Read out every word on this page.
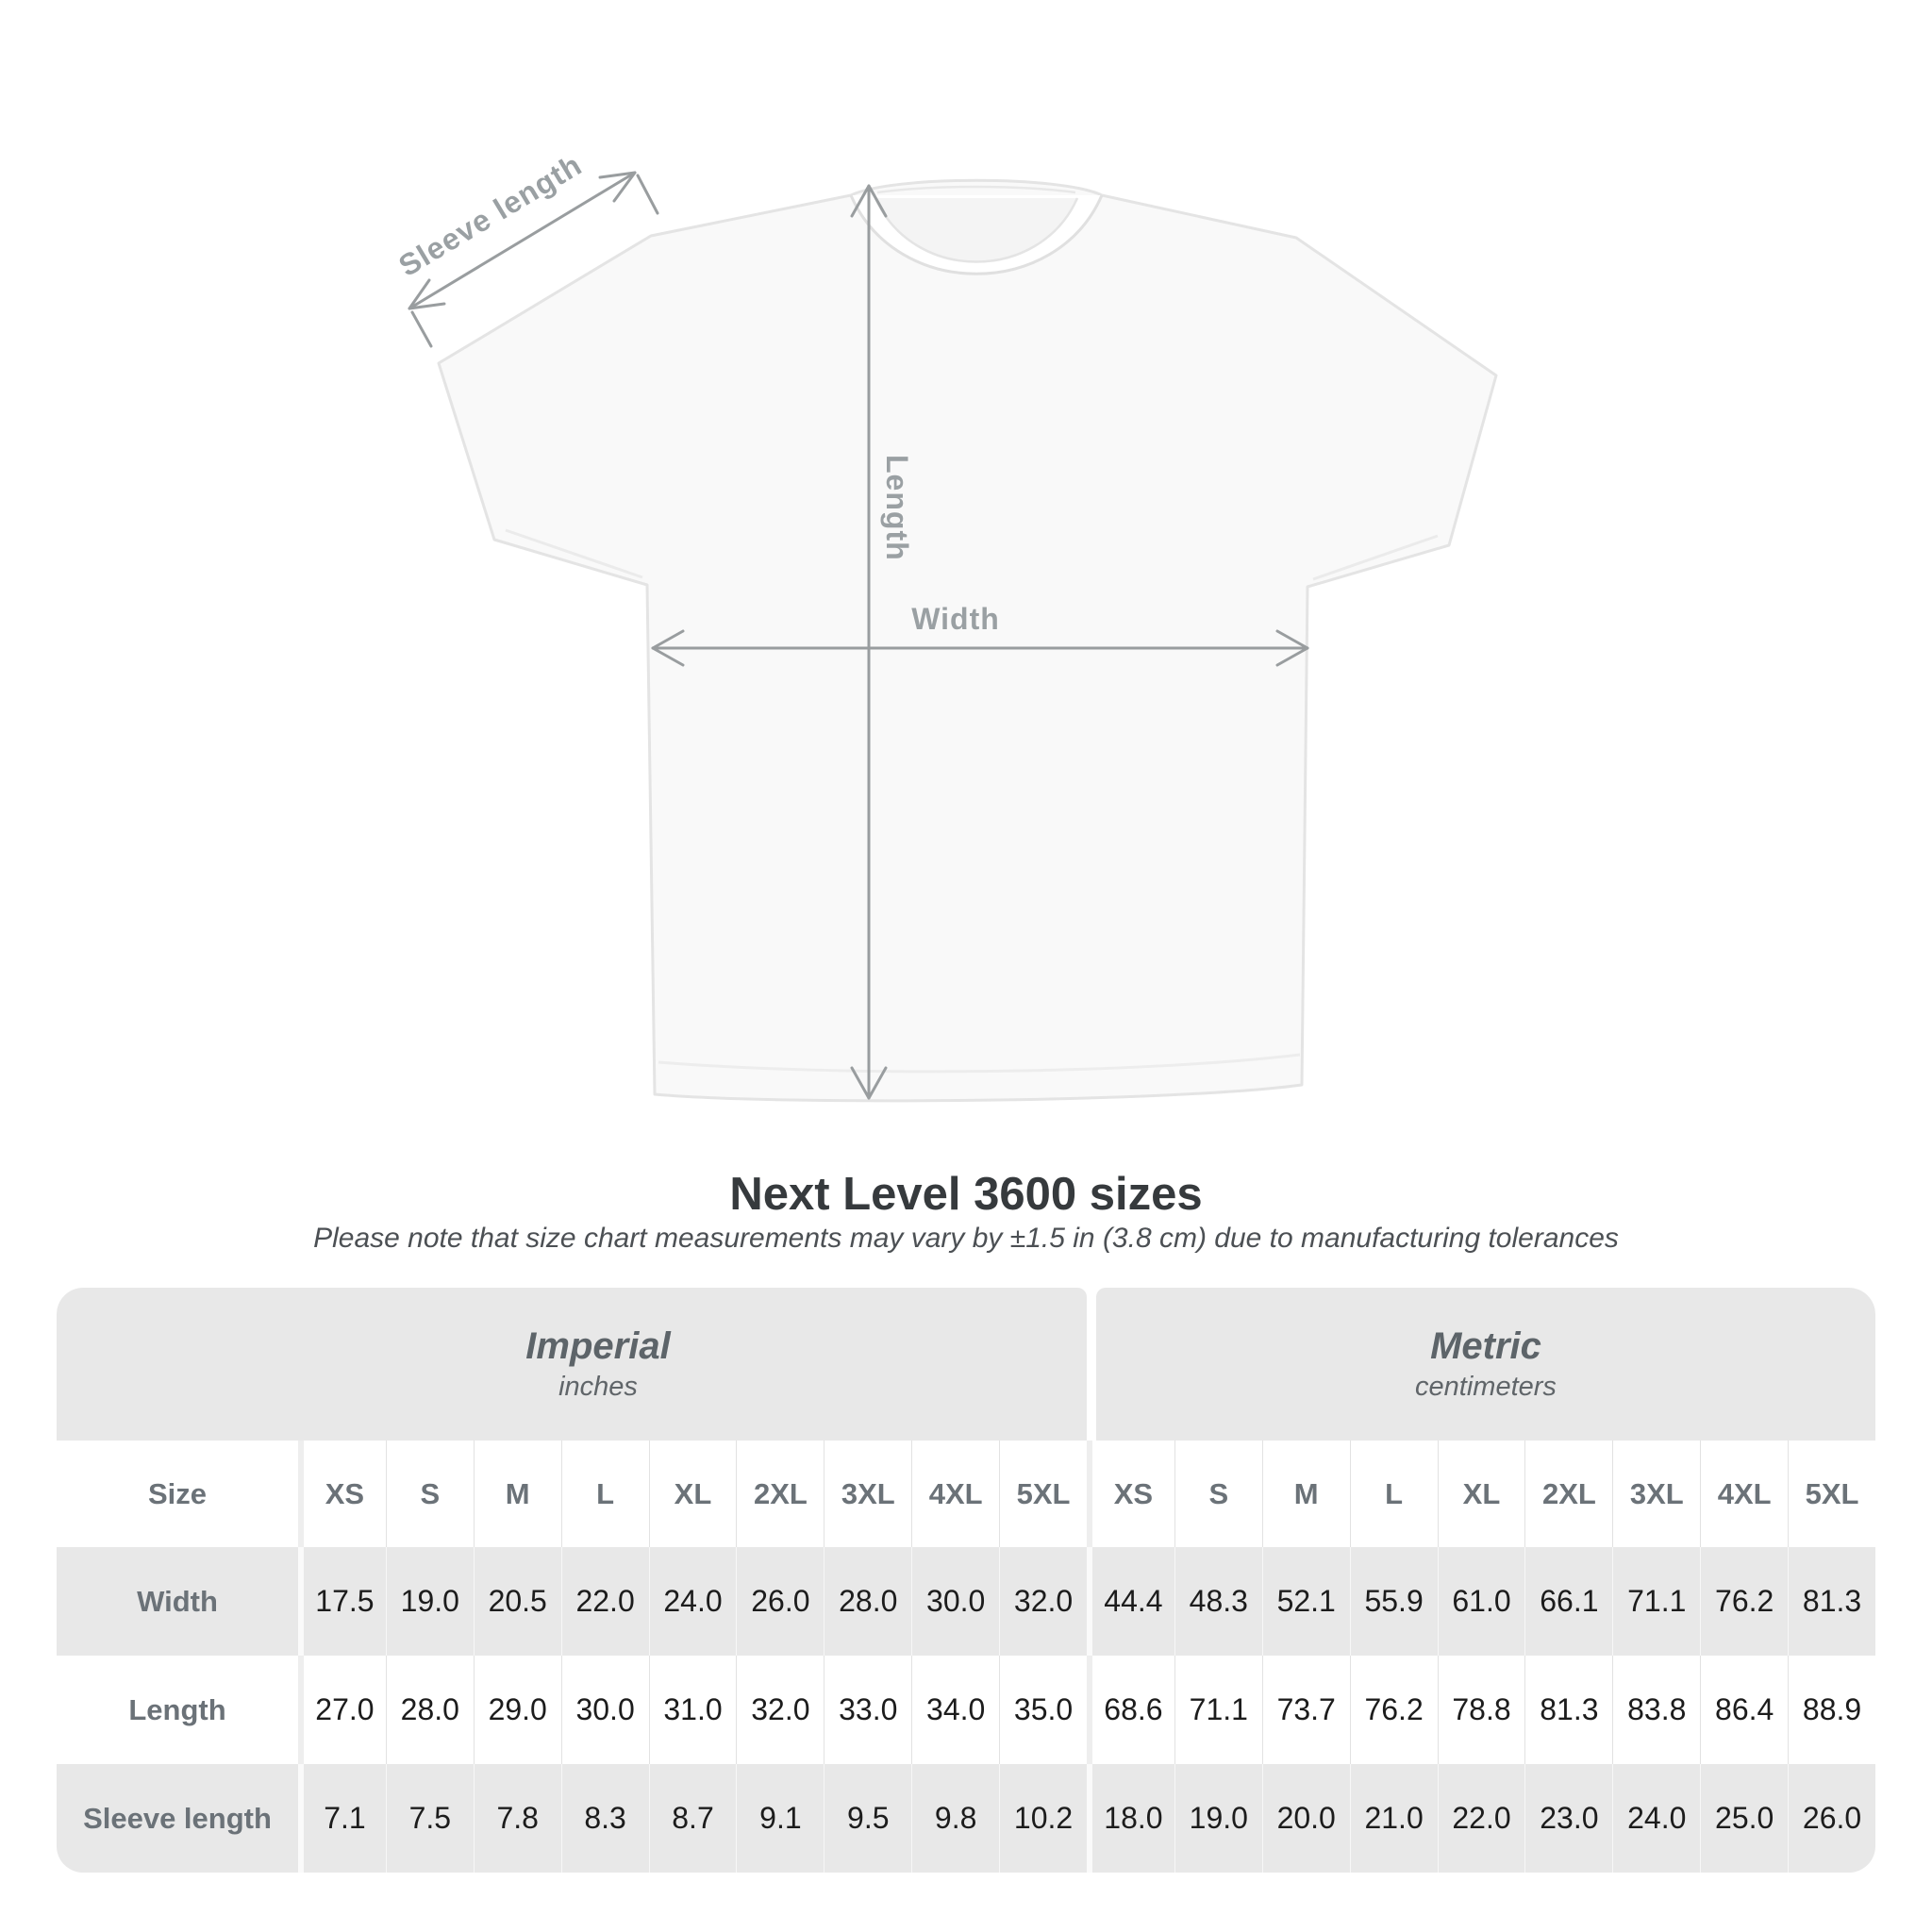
Sleeve length
Length
Width
Next Level 3600 sizes
Please note that size chart measurements may vary by ±1.5 in (3.8 cm) due to manufacturing tolerances
Imperial
inches
Metric
centimeters
Size	XS	S	M	L	XL	2XL	3XL	4XL	5XL	XS	S	M	L	XL	2XL	3XL	4XL	5XL
Width	17.5 19.0 20.5 22.0 24.0 26.0 28.0 30.0 32.0	44.4 48.3 52.1 55.9 61.0 66.1 71.1 76.2 81.3
Length	27.0 28.0 29.0 30.0 31.0 32.0 33.0 34.0 35.0	68.6 71.1 73.7 76.2 78.8 81.3 83.8 86.4 88.9
Sleeve length	7.1	7.5	7.8	8.3	8.7	9.1	9.5	9.8	10.2	18.0 19.0 20.0 21.0 22.0 23.0 24.0 25.0 26.0
